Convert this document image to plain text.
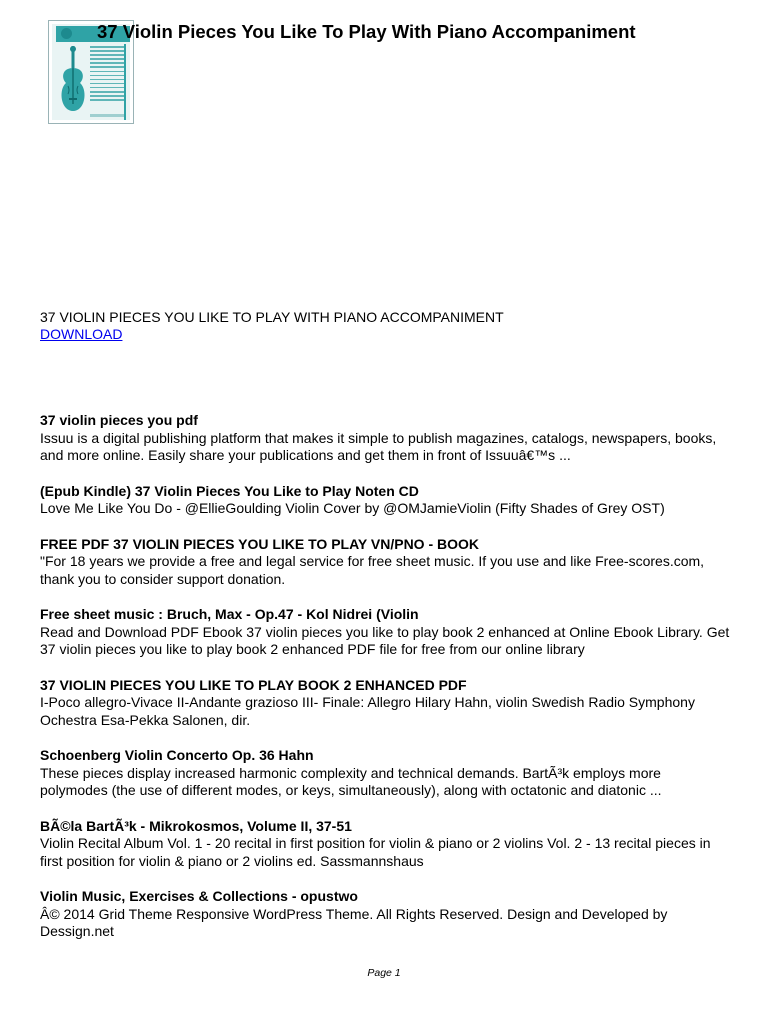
37 Violin Pieces You Like To Play With Piano Accompaniment
37 VIOLIN PIECES YOU LIKE TO PLAY WITH PIANO ACCOMPANIMENT
DOWNLOAD
37 violin pieces you pdf
Issuu is a digital publishing platform that makes it simple to publish magazines, catalogs, newspapers, books, and more online. Easily share your publications and get them in front of Issuuâ€™s ...
(Epub Kindle) 37 Violin Pieces You Like to Play Noten CD
Love Me Like You Do - @EllieGoulding Violin Cover by @OMJamieViolin (Fifty Shades of Grey OST)
FREE PDF 37 VIOLIN PIECES YOU LIKE TO PLAY VN/PNO - BOOK
"For 18 years we provide a free and legal service for free sheet music. If you use and like Free-scores.com, thank you to consider support donation.
Free sheet music : Bruch, Max - Op.47 - Kol Nidrei (Violin
Read and Download PDF Ebook 37 violin pieces you like to play book 2 enhanced at Online Ebook Library. Get 37 violin pieces you like to play book 2 enhanced PDF file for free from our online library
37 VIOLIN PIECES YOU LIKE TO PLAY BOOK 2 ENHANCED PDF
I-Poco allegro-Vivace II-Andante grazioso III- Finale: Allegro Hilary Hahn, violin Swedish Radio Symphony Ochestra Esa-Pekka Salonen, dir.
Schoenberg Violin Concerto Op. 36 Hahn
These pieces display increased harmonic complexity and technical demands. BartÃ³k employs more polymodes (the use of different modes, or keys, simultaneously), along with octatonic and diatonic ...
BÃ©la BartÃ³k - Mikrokosmos, Volume II, 37-51
Violin Recital Album Vol. 1 - 20 recital in first position for violin & piano or 2 violins Vol. 2 - 13 recital pieces in first position for violin & piano or 2 violins ed. Sassmannshaus
Violin Music, Exercises & Collections - opustwo
Â© 2014 Grid Theme Responsive WordPress Theme. All Rights Reserved. Design and Developed by Dessign.net
Page 1
